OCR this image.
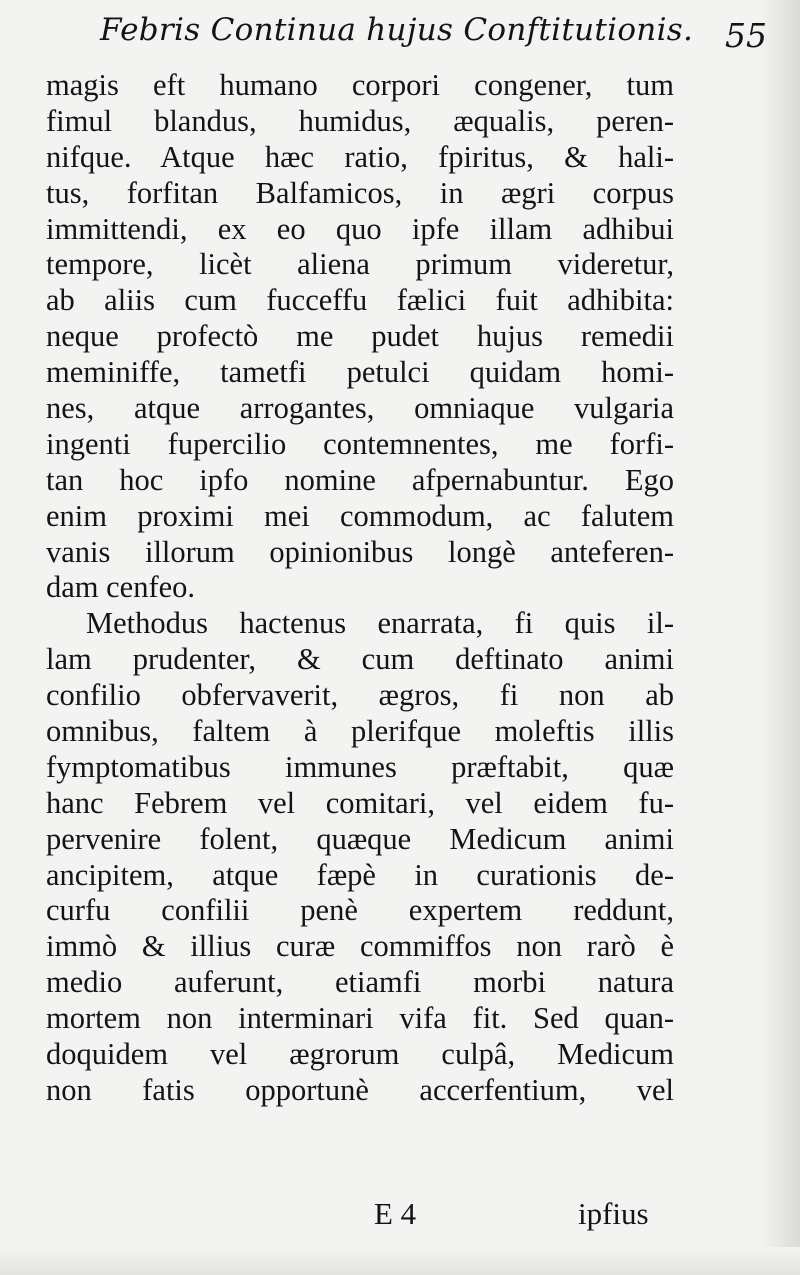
Febris Continua hujus Conftitutionis. 55
magis eft humano corpori congener, tum
fimul blandus, humidus, æqualis, peren-
nifque. Atque hæc ratio, fpiritus, & hali-
tus, forfitan Balfamicos, in ægri corpus
immittendi, ex eo quo ipfe illam adhibui
tempore, licèt aliena primum videretur,
ab aliis cum fucceffu fælici fuit adhibita:
neque profectò me pudet hujus remedii
meminiffe, tametfi petulci quidam homi-
nes, atque arrogantes, omniaque vulgaria
ingenti fupercilio contemnentes, me forfi-
tan hoc ipfo nomine afpernabuntur. Ego
enim proximi mei commodum, ac falutem
vanis illorum opinionibus longè anteferen-
dam cenfeo.
Methodus hactenus enarrata, fi quis il-
lam prudenter, & cum deftinato animi
confilio obfervaverit, ægros, fi non ab
omnibus, faltem à plerifque moleftis illis
fymptomatibus immunes præftabit, quæ
hanc Febrem vel comitari, vel eidem fu-
pervenire folent, quæque Medicum animi
ancipitem, atque fæpè in curationis de-
curfu confilii penè expertem reddunt,
immò & illius curæ commiffos non rarò è
medio auferunt, etiamfi morbi natura
mortem non interminari vifa fit. Sed quan-
doquidem vel ægrorum culpâ, Medicum
non fatis opportunè accerfentium, vel
E 4	ipfius
